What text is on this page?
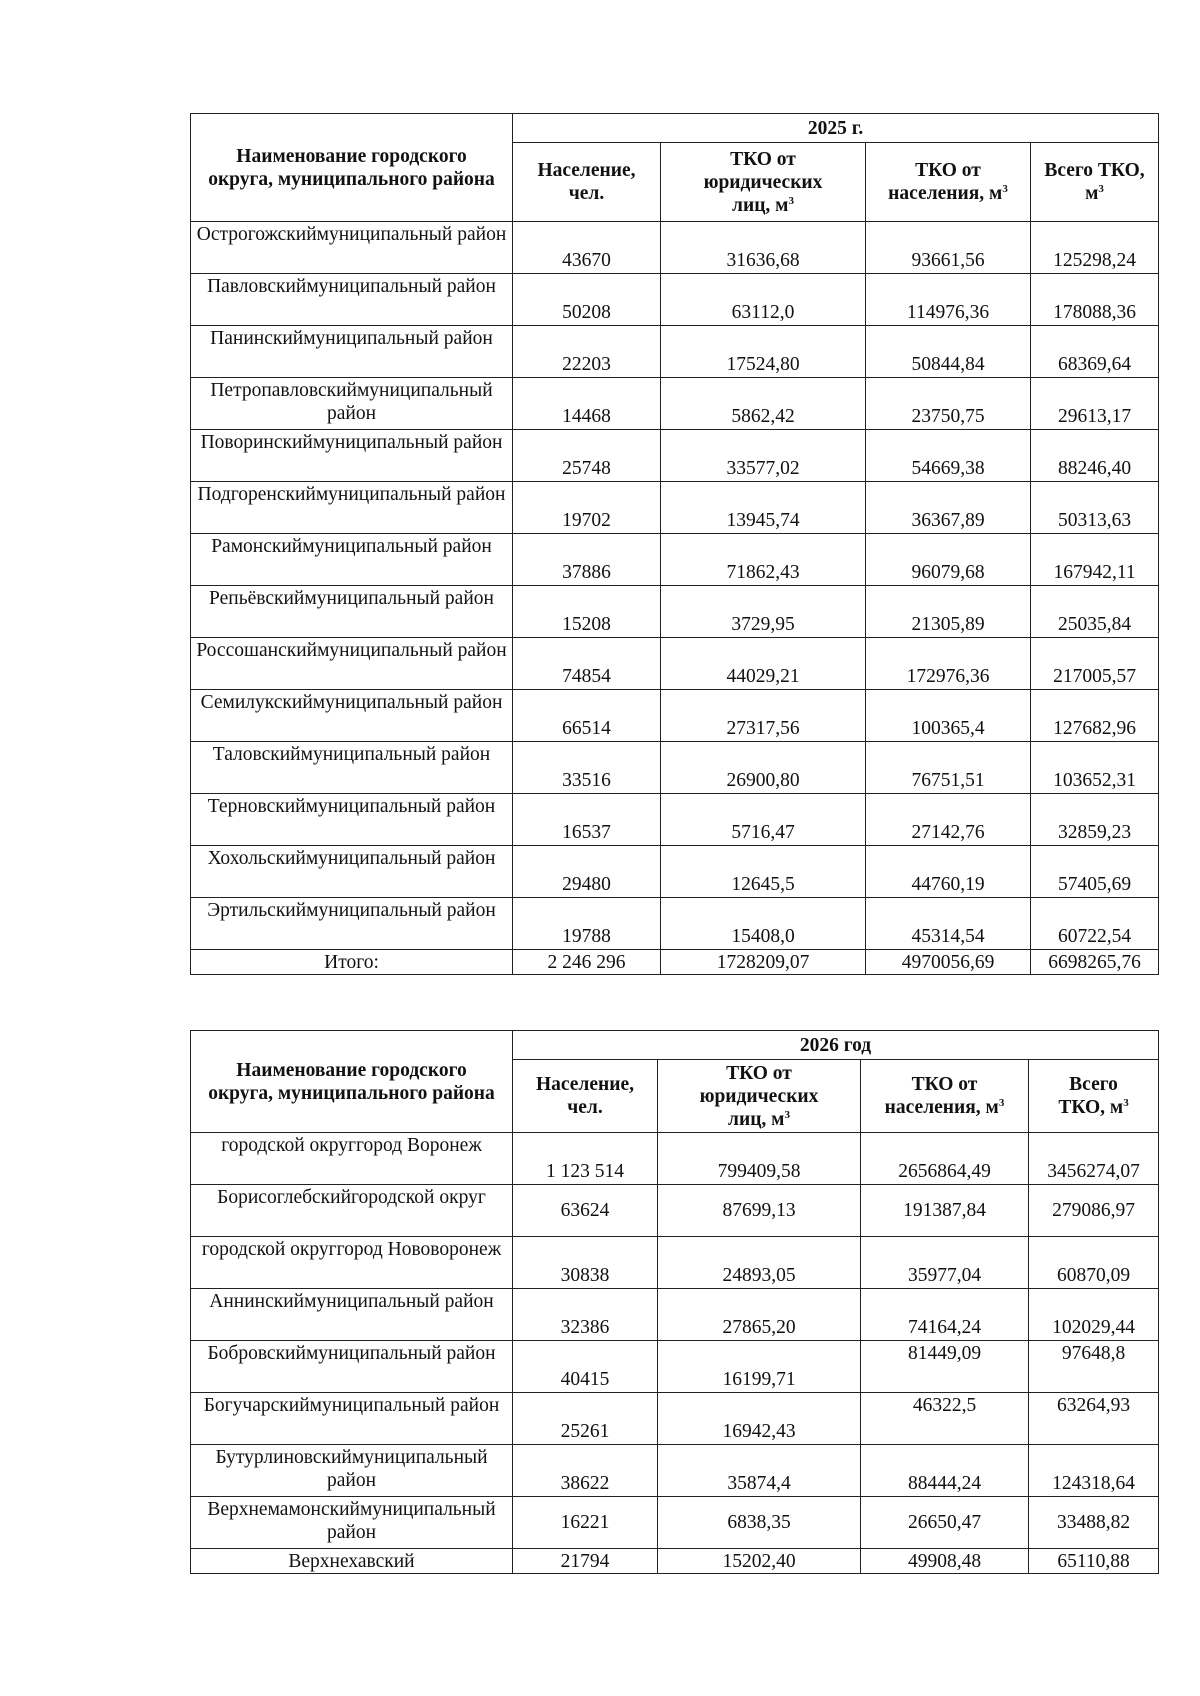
Наименование городского округа, муниципального района	2025 г.			
	Население, чел.	ТКО от юридических лиц, $м^3$	ТКО от населения, $м^3$	Всего ТКО, $м^3$
Острогожскиймуниципальный район	43670	31636,68	93661,56	125298,24
Павловскиймуниципальный район	50208	63112,0	114976,36	178088,36
Панинскиймуниципальный район	22203	17524,80	50844,84	68369,64
Петропавловскиймуниципальный район	14468	5862,42	23750,75	29613,17
Поворинскиймуниципальный район	25748	33577,02	54669,38	88246,40
Подгоренскиймуниципальный район	19702	13945,74	36367,89	50313,63
Рамонскиймуниципальный район	37886	71862,43	96079,68	167942,11
Репьёвскиймуниципальный район	15208	3729,95	21305,89	25035,84
Россошанскиймуниципальный район	74854	44029,21	172976,36	217005,57
Семилукскиймуниципальный район	66514	27317,56	100365,4	127682,96
Таловскиймуниципальный район	33516	26900,80	76751,51	103652,31
Терновскиймуниципальный район	16537	5716,47	27142,76	32859,23
Хохольскиймуниципальный район	29480	12645,5	44760,19	57405,69
Эртильскиймуниципальный район	19788	15408,0	45314,54	60722,54
Итого:	2 246 296	1728209,07	4970056,69	6698265,76
Наименование городского округа, муниципального района	2026 год			
	Население, чел.	ТКО от юридических лиц, $м^3$	ТКО от населения, $м^3$	Всего ТКО, $м^3$
городской округгород Воронеж	1 123 514	799409,58	2656864,49	3456274,07
Борисоглебскийгородской округ	63624	87699,13	191387,84	279086,97
городской округгород Нововоронеж	30838	24893,05	35977,04	60870,09
Аннинскиймуниципальный район	32386	27865,20	74164,24	102029,44
Бобровскиймуниципальный район	40415	16199,71	81449,09	97648,8
Богучарскиймуниципальный район	25261	16942,43	46322,5	63264,93
Бутурлиновскиймуниципальный район	38622	35874,4	88444,24	124318,64
Верхнемамонскиймуниципальный район	16221	6838,35	26650,47	33488,82
Верхнехавский	21794	15202,40	49908,48	65110,88
